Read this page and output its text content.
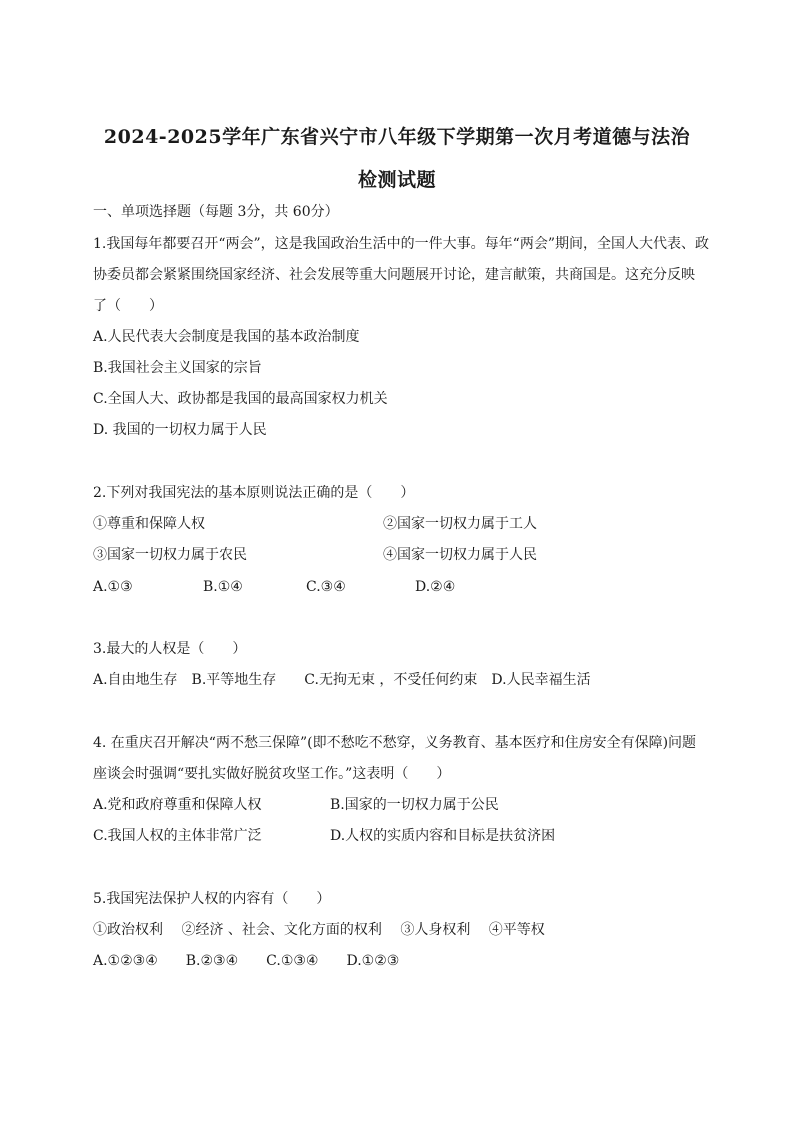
2024-2025学年广东省兴宁市八年级下学期第一次月考道德与法治
检测试题
一、单项选择题（每题 3分，共 60分）
1.我国每年都要召开“两会”，这是我国政治生活中的一件大事。每年“两会”期间，全国人大代表、政
协委员都会紧紧围绕国家经济、社会发展等重大问题展开讨论，建言献策，共商国是。这充分反映
了（　　）
A.人民代表大会制度是我国的基本政治制度
B.我国社会主义国家的宗旨
C.全国人大、政协都是我国的最高国家权力机关
D. 我国的一切权力属于人民
2.下列对我国宪法的基本原则说法正确的是（　　）
①尊重和保障人权	②国家一切权力属于工人
③国家一切权力属于农民	④国家一切权力属于人民
A.①③	B.①④	C.③④	D.②④
3.最大的人权是（　　）
A.自由地生存　B.平等地生存　　C.无拘无束 ，不受任何约束　D.人民幸福生活
4. 在重庆召开解决“两不愁三保障”(即不愁吃不愁穿，义务教育、基本医疗和住房安全有保障)问题
座谈会时强调“要扎实做好脱贫攻坚工作。”这表明（　　）
A.党和政府尊重和保障人权	B.国家的一切权力属于公民
C.我国人权的主体非常广泛	D.人权的实质内容和目标是扶贫济困
5.我国宪法保护人权的内容有（　　）
①政治权利　 ②经济 、社会、文化方面的权利　 ③人身权利　 ④平等权
A.①②③④　　B.②③④　　C.①③④　　D.①②③
